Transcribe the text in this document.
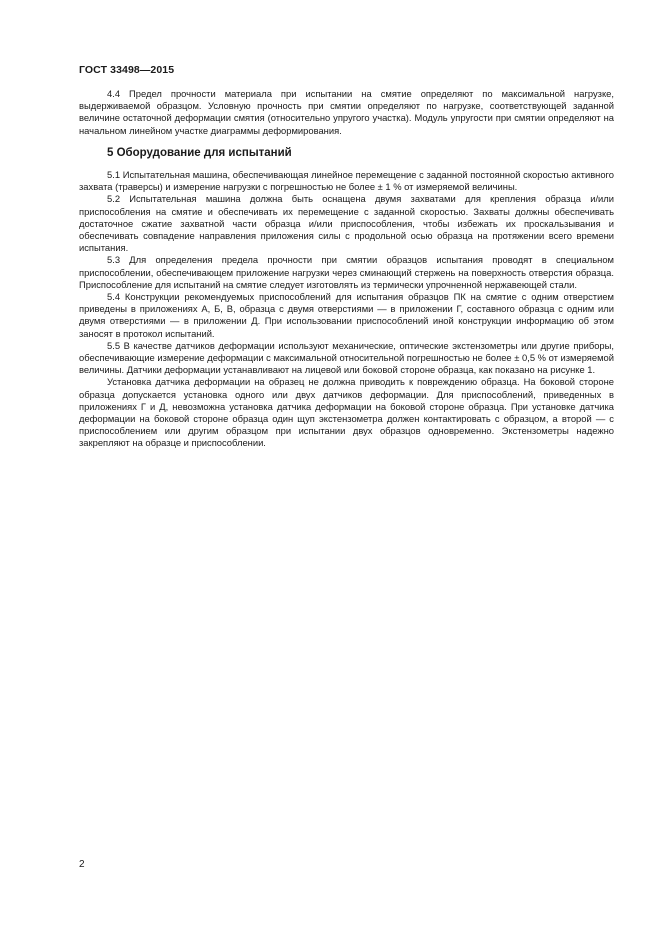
ГОСТ 33498—2015

4.4 Предел прочности материала при испытании на смятие определяют по максимальной нагрузке, выдерживаемой образцом. Условную прочность при смятии определяют по нагрузке, соответствующей заданной величине остаточной деформации смятия (относительно упругого участка). Модуль упругости при смятии определяют на начальном линейном участке диаграммы деформирования.

5 Оборудование для испытаний

5.1 Испытательная машина, обеспечивающая линейное перемещение с заданной постоянной скоростью активного захвата (траверсы) и измерение нагрузки с погрешностью не более ± 1 % от измеряемой величины.

5.2 Испытательная машина должна быть оснащена двумя захватами для крепления образца и/или приспособления на смятие и обеспечивать их перемещение с заданной скоростью. Захваты должны обеспечивать достаточное сжатие захватной части образца и/или приспособления, чтобы избежать их проскальзывания и обеспечивать совпадение направления приложения силы с продольной осью образца на протяжении всего времени испытания.

5.3 Для определения предела прочности при смятии образцов испытания проводят в специальном приспособлении, обеспечивающем приложение нагрузки через сминающий стержень на поверхность отверстия образца. Приспособление для испытаний на смятие следует изготовлять из термически упрочненной нержавеющей стали.

5.4 Конструкции рекомендуемых приспособлений для испытания образцов ПК на смятие с одним отверстием приведены в приложениях А, Б, В, образца с двумя отверстиями — в приложении Г, составного образца с одним или двумя отверстиями — в приложении Д. При использовании приспособлений иной конструкции информацию об этом заносят в протокол испытаний.

5.5 В качестве датчиков деформации используют механические, оптические экстензометры или другие приборы, обеспечивающие измерение деформации с максимальной относительной погрешностью не более ± 0,5 % от измеряемой величины. Датчики деформации устанавливают на лицевой или боковой стороне образца, как показано на рисунке 1.

Установка датчика деформации на образец не должна приводить к повреждению образца. На боковой стороне образца допускается установка одного или двух датчиков деформации. Для приспособлений, приведенных в приложениях Г и Д, невозможна установка датчика деформации на боковой стороне образца. При установке датчика деформации на боковой стороне образца один щуп экстензометра должен контактировать с образцом, а второй — с приспособлением или другим образцом при испытании двух образцов одновременно. Экстензометры надежно закрепляют на образце и приспособлении.

2
